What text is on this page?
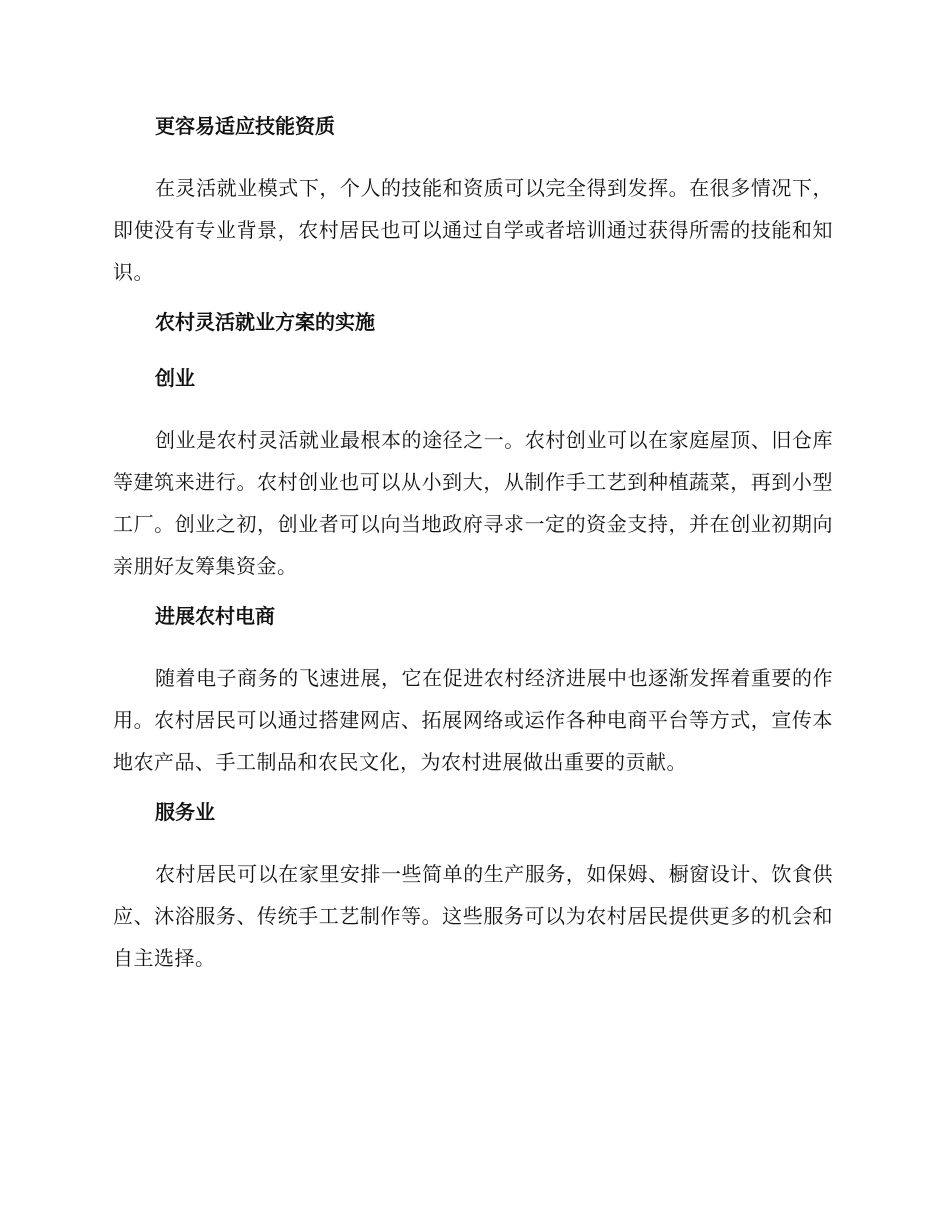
更容易适应技能资质
在灵活就业模式下，个人的技能和资质可以完全得到发挥。在很多情况下，即使没有专业背景，农村居民也可以通过自学或者培训通过获得所需的技能和知识。
农村灵活就业方案的实施
创业
创业是农村灵活就业最根本的途径之一。农村创业可以在家庭屋顶、旧仓库等建筑来进行。农村创业也可以从小到大，从制作手工艺到种植蔬菜，再到小型工厂。创业之初，创业者可以向当地政府寻求一定的资金支持，并在创业初期向亲朋好友筹集资金。
进展农村电商
随着电子商务的飞速进展，它在促进农村经济进展中也逐渐发挥着重要的作用。农村居民可以通过搭建网店、拓展网络或运作各种电商平台等方式，宣传本地农产品、手工制品和农民文化，为农村进展做出重要的贡献。
服务业
农村居民可以在家里安排一些简单的生产服务，如保姆、橱窗设计、饮食供应、沐浴服务、传统手工艺制作等。这些服务可以为农村居民提供更多的机会和自主选择。
